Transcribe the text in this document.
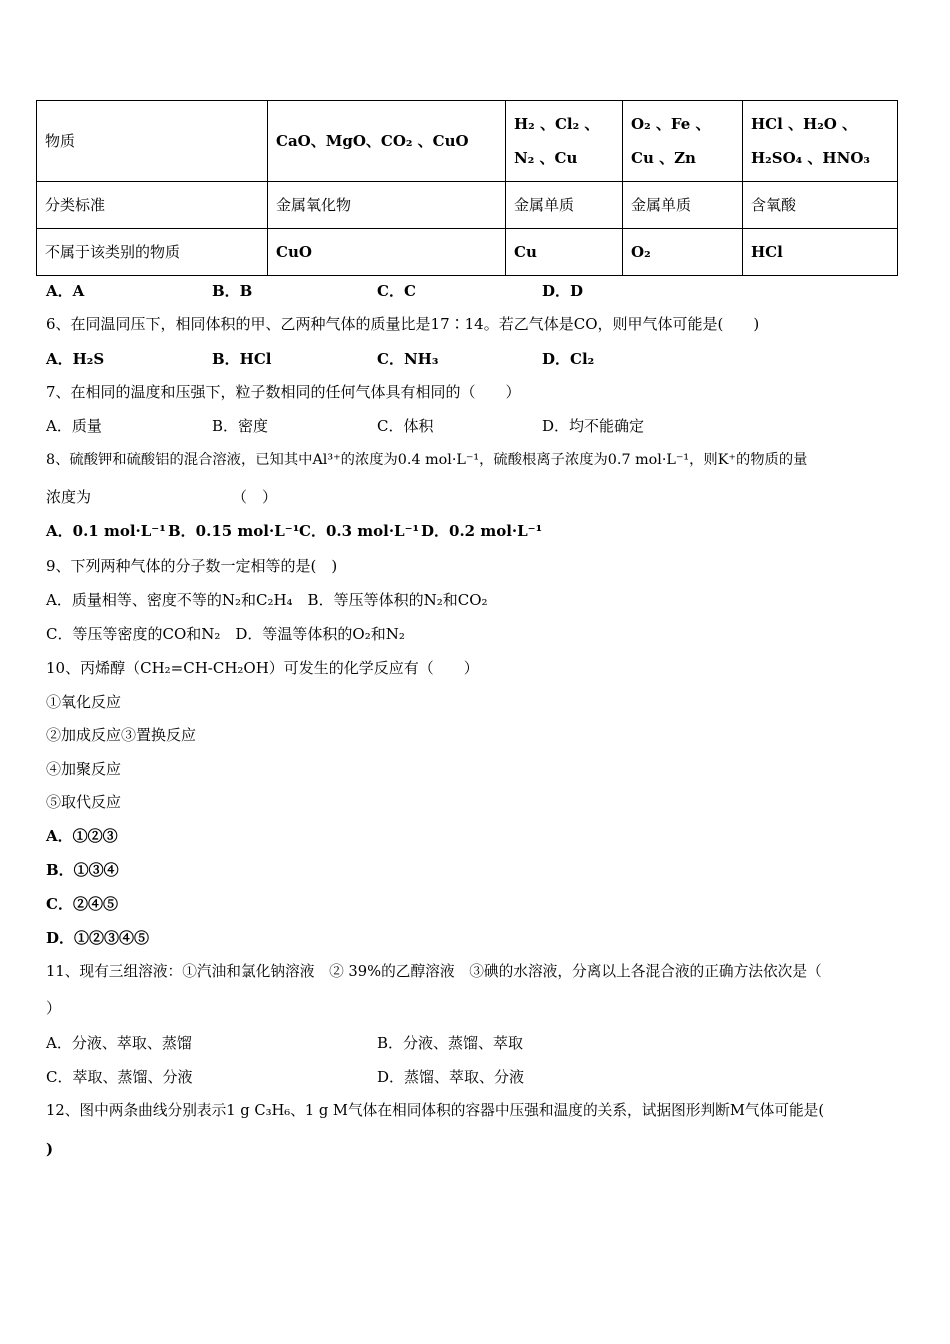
物质	CaO、MgO、CO₂ 、CuO	H₂ 、Cl₂ 、 N₂ 、Cu	O₂ 、Fe 、 Cu 、Zn	HCl 、H₂O 、 H₂SO₄ 、HNO₃
分类标准	金属氧化物	金属单质	金属单质	含氧酸
不属于该类别的物质	CuO	Cu	O₂	HCl
A．A	B．B	C．C	D．D
6、在同温同压下，相同体积的甲、乙两种气体的质量比是17∶14。若乙气体是CO，则甲气体可能是(　　)
A．H₂S	B．HCl	C．NH₃	D．Cl₂
7、在相同的温度和压强下，粒子数相同的任何气体具有相同的（　　）
A．质量	B．密度	C．体积	D．均不能确定
8、硫酸钾和硫酸铝的混合溶液，已知其中Al³⁺的浓度为0.4 mol·L⁻¹，硫酸根离子浓度为0.7 mol·L⁻¹，则K⁺的物质的量
浓度为	（　）
A．0.1 mol·L⁻¹ B．0.15 mol·L⁻¹ C．0.3 mol·L⁻¹ D．0.2 mol·L⁻¹
9、下列两种气体的分子数一定相等的是(　)
A．质量相等、密度不等的N₂和C₂H₄　B．等压等体积的N₂和CO₂
C．等压等密度的CO和N₂　D．等温等体积的O₂和N₂
10、丙烯醇（CH₂=CH-CH₂OH）可发生的化学反应有（　　）
①氧化反应
②加成反应③置换反应
④加聚反应
⑤取代反应
A．①②③
B．①③④
C．②④⑤
D．①②③④⑤
11、现有三组溶液：①汽油和氯化钠溶液　② 39%的乙醇溶液　③碘的水溶液，分离以上各混合液的正确方法依次是（
）
A．分液、萃取、蒸馏	B．分液、蒸馏、萃取
C．萃取、蒸馏、分液	D．蒸馏、萃取、分液
12、图中两条曲线分别表示1 g C₃H₆、1 g M气体在相同体积的容器中压强和温度的关系，试据图形判断M气体可能是(
)
